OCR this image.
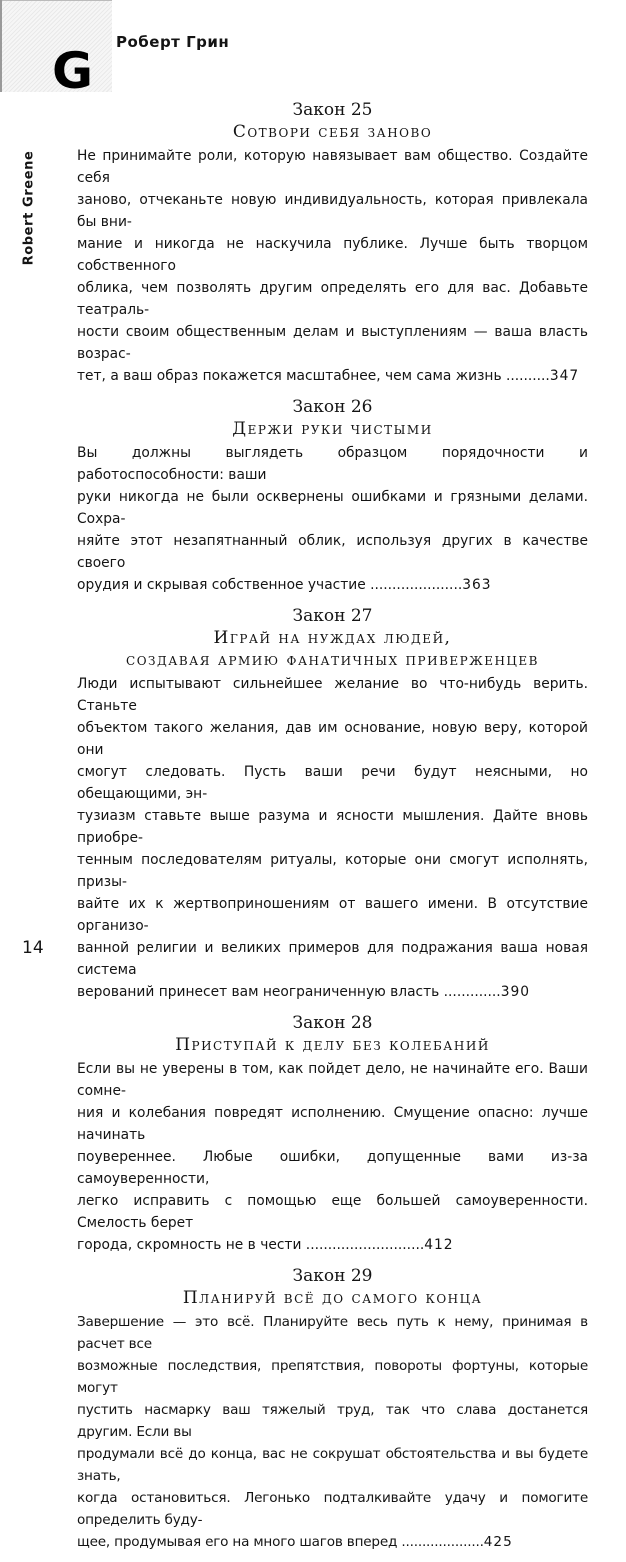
Роберт Грин
G
Robert Greene
Закон 25
Сотвори себя заново
Не принимайте роли, которую навязывает вам общество. Создайте себя
заново, отчеканьте новую индивидуальность, которая привлекала бы вни-
мание и никогда не наскучила публике. Лучше быть творцом собственного
облика, чем позволять другим определять его для вас. Добавьте театраль-
ности своим общественным делам и выступлениям — ваша власть возрас-
тет, а ваш образ покажется масштабнее, чем сама жизнь ..........347
Закон 26
Держи руки чистыми
Вы должны выглядеть образцом порядочности и работоспособности: ваши
руки никогда не были осквернены ошибками и грязными делами. Сохра-
няйте этот незапятнанный облик, используя других в качестве своего
орудия и скрывая собственное участие .....................363
Закон 27
Играй на нуждах людей,
создавая армию фанатичных приверженцев
Люди испытывают сильнейшее желание во что-нибудь верить. Станьте
объектом такого желания, дав им основание, новую веру, которой они
смогут следовать. Пусть ваши речи будут неясными, но обещающими, эн-
тузиазм ставьте выше разума и ясности мышления. Дайте вновь приобре-
тенным последователям ритуалы, которые они смогут исполнять, призы-
вайте их к жертвоприношениям от вашего имени. В отсутствие организо-
ванной религии и великих примеров для подражания ваша новая система
верований принесет вам неограниченную власть .............390
Закон 28
Приступай к делу без колебаний
Если вы не уверены в том, как пойдет дело, не начинайте его. Ваши сомне-
ния и колебания повредят исполнению. Смущение опасно: лучше начинать
поувереннее. Любые ошибки, допущенные вами из-за самоуверенности,
легко исправить с помощью еще большей самоуверенности. Смелость берет
города, скромность не в чести ...........................412
Закон 29
Планируй всё до самого конца
Завершение — это всё. Планируйте весь путь к нему, принимая в расчет все
возможные последствия, препятствия, повороты фортуны, которые могут
пустить насмарку ваш тяжелый труд, так что слава достанется другим. Если вы
продумали всё до конца, вас не сокрушат обстоятельства и вы будете знать,
когда остановиться. Легонько подталкивайте удачу и помогите определить буду-
щее, продумывая его на много шагов вперед ....................425
14
